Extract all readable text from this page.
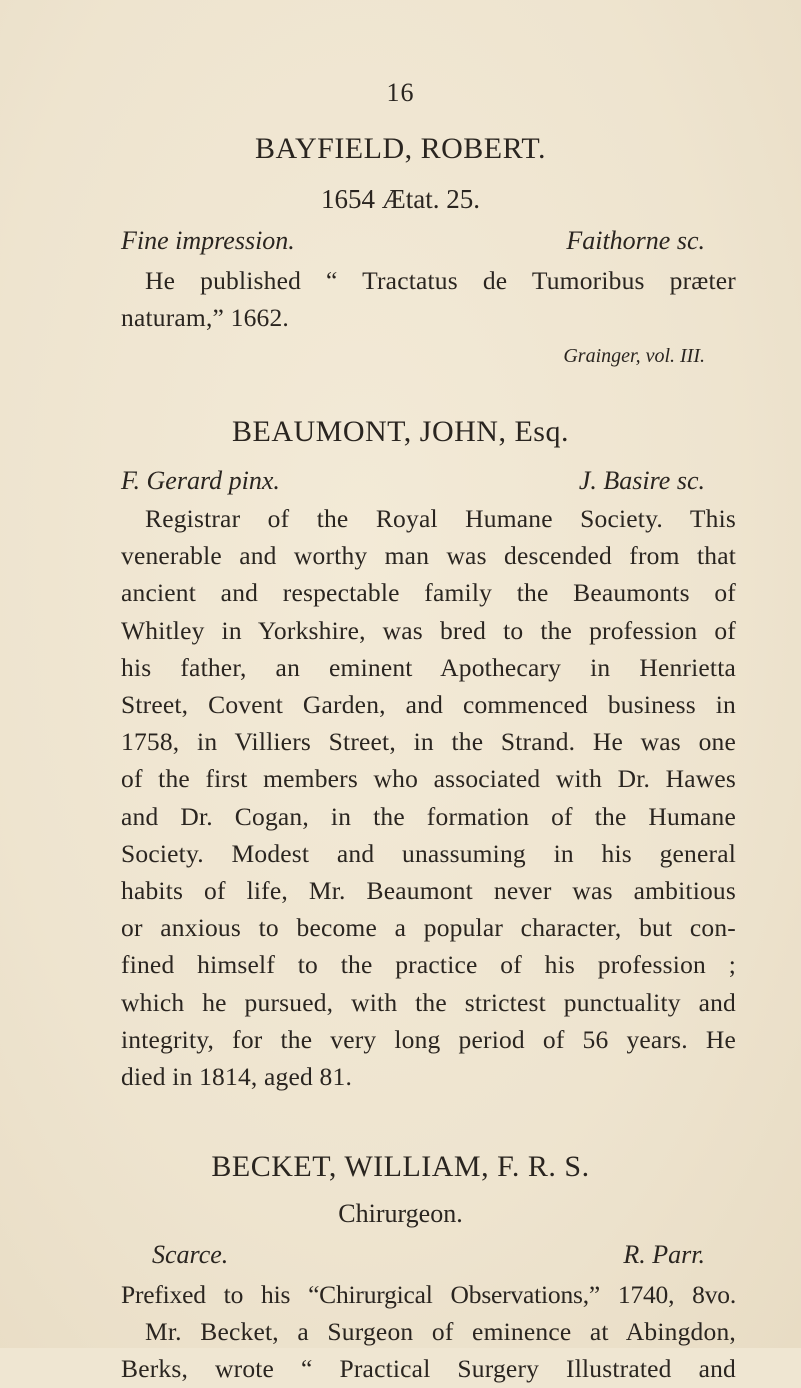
16
BAYFIELD, ROBERT.
1654 Ætat. 25.
Fine impression.	Faithorne sc.

He published “ Tractatus de Tumoribus præter

naturam,” 1662.

Grainger, vol. III.
BEAUMONT, JOHN, Esq.
F. Gerard pinx.	J. Basire sc.

Registrar of the Royal Humane Society. This

venerable and worthy man was descended from that

ancient and respectable family the Beaumonts of

Whitley in Yorkshire, was bred to the profession of

his father, an eminent Apothecary in Henrietta

Street, Covent Garden, and commenced business in

1758, in Villiers Street, in the Strand. He was one

of the first members who associated with Dr. Hawes

and Dr. Cogan, in the formation of the Humane

Society. Modest and unassuming in his general

habits of life, Mr. Beaumont never was ambitious

or anxious to become a popular character, but con-

fined himself to the practice of his profession ;

which he pursued, with the strictest punctuality and

integrity, for the very long period of 56 years. He

died in 1814, aged 81.

BECKET, WILLIAM, F. R. S.
Chirurgeon.
Scarce.	R. Parr.

Prefixed to his “Chirurgical Observations,” 1740, 8vo.

Mr. Becket, a Surgeon of eminence at Abingdon,

Berks, wrote “ Practical Surgery Illustrated and
